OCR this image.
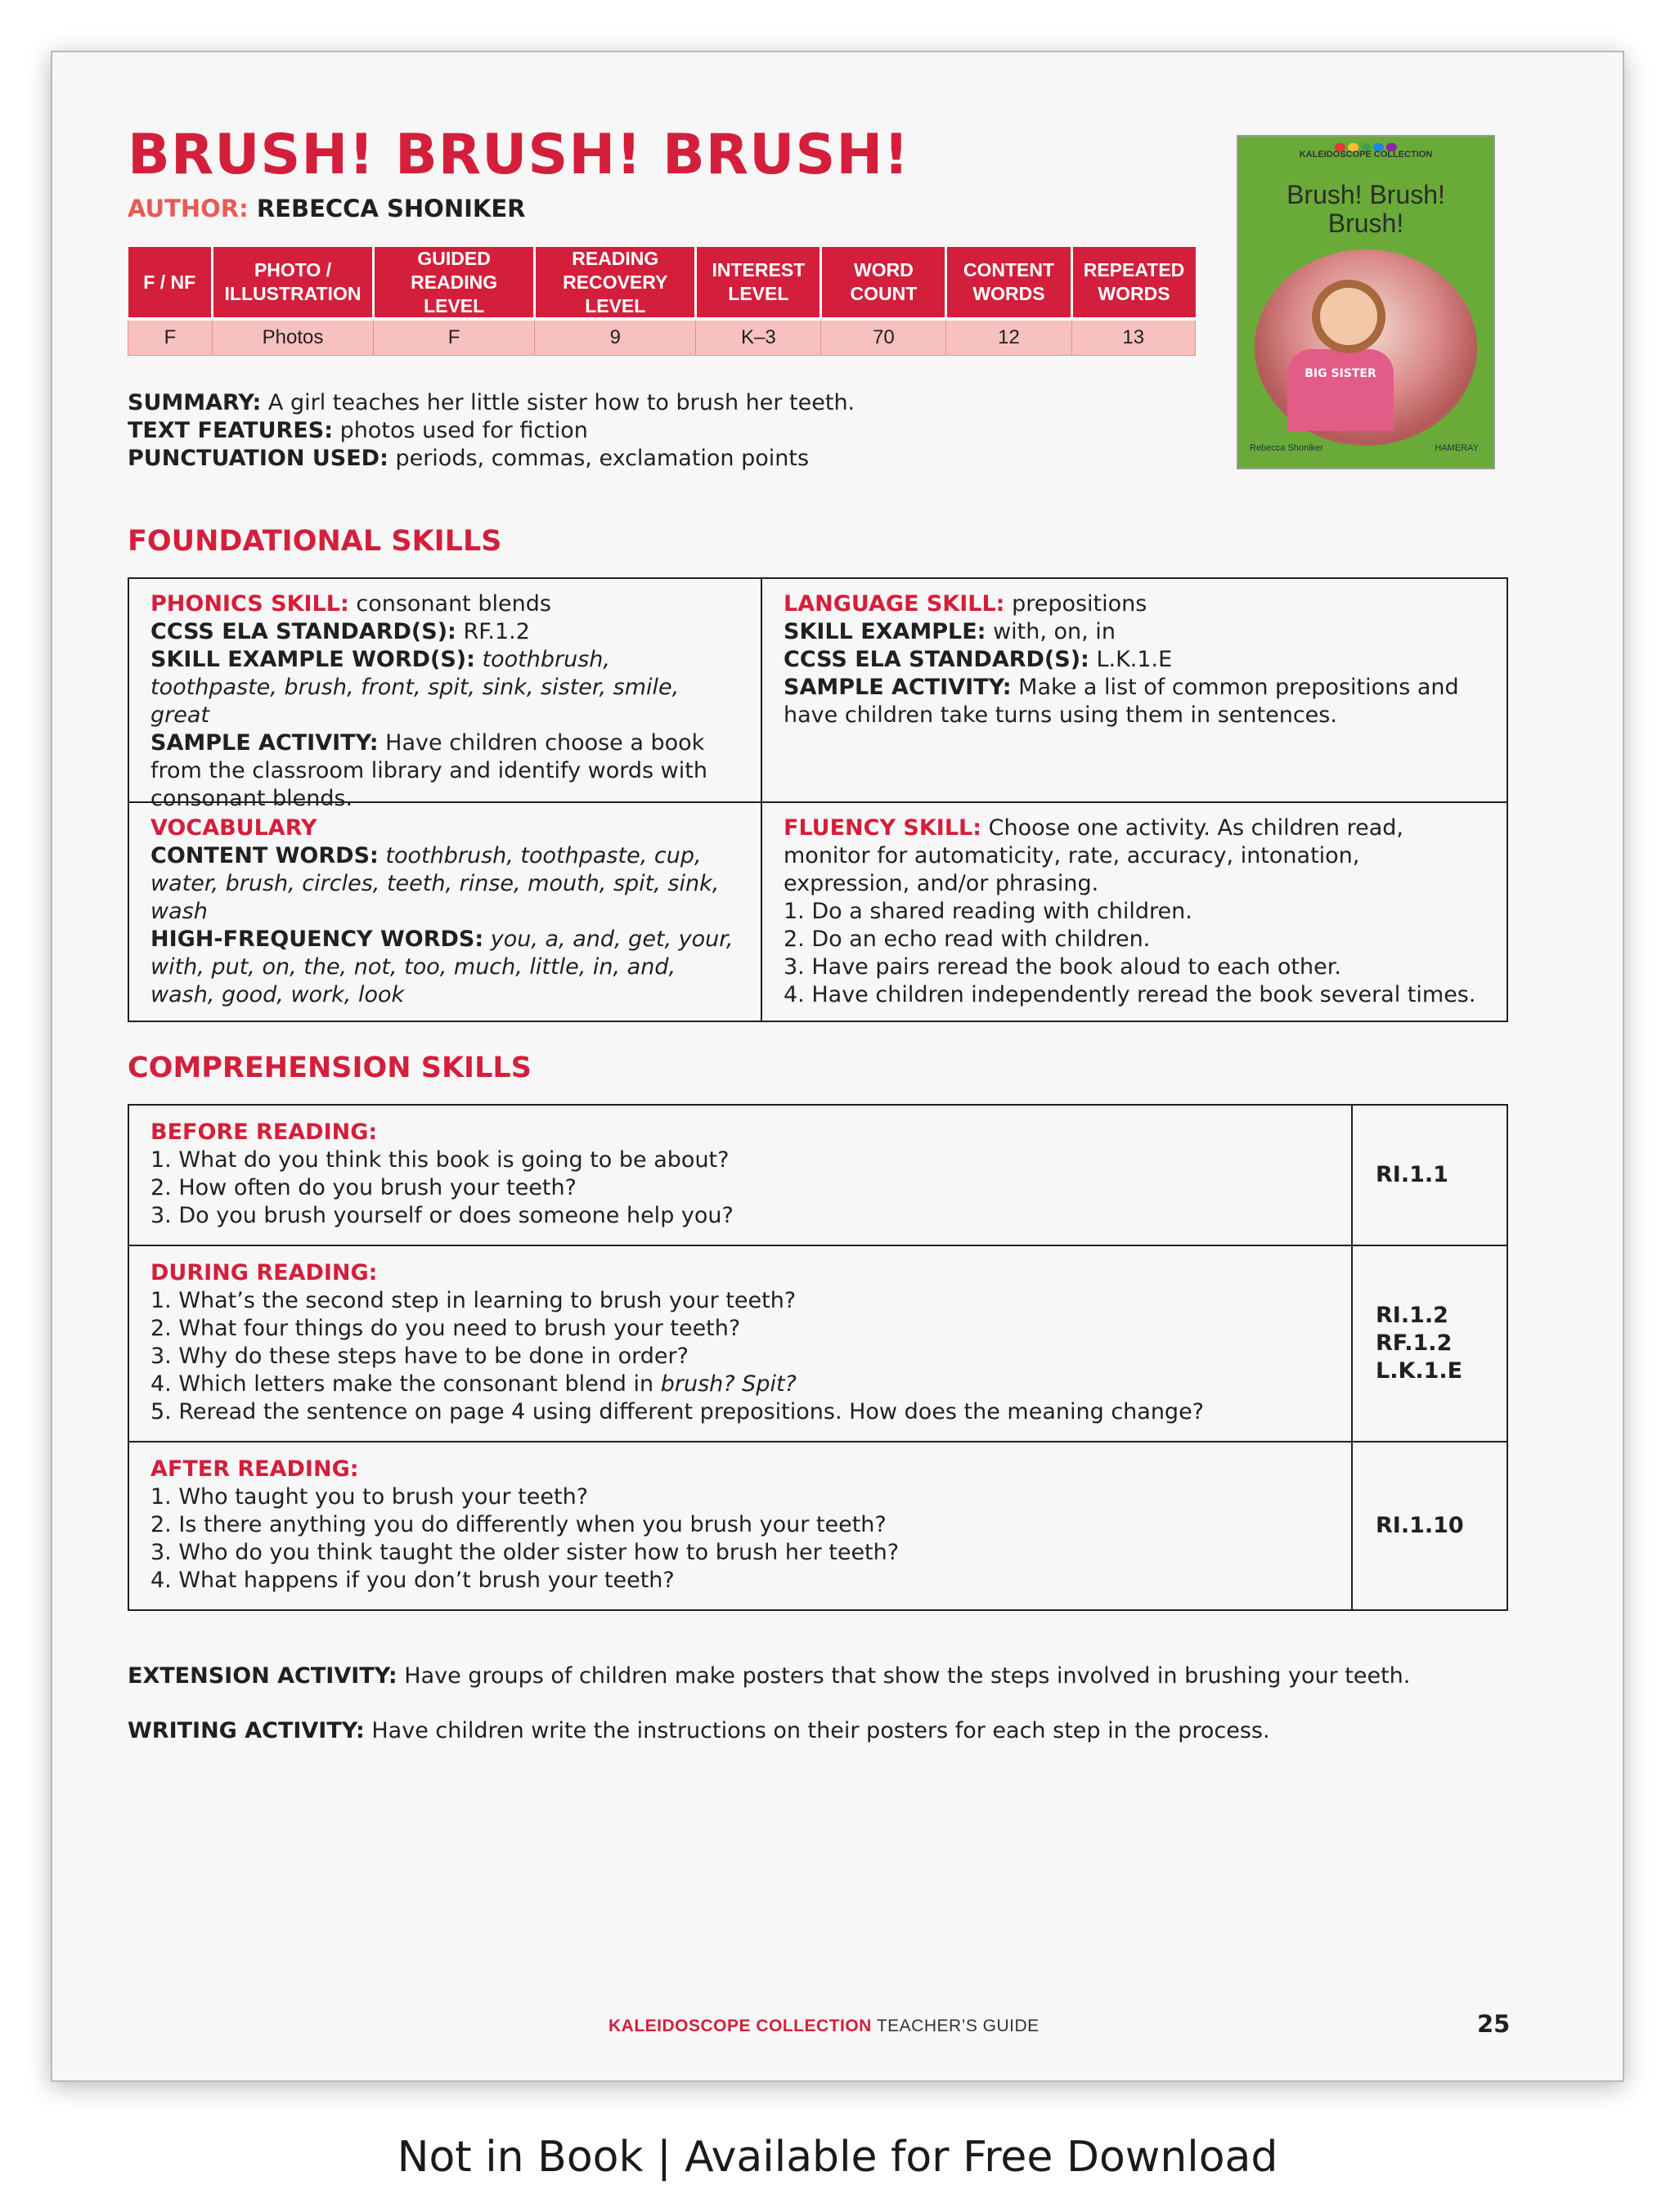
BRUSH! BRUSH! BRUSH!
AUTHOR: REBECCA SHONIKER
F / NF	PHOTO / ILLUSTRATION	GUIDED READING LEVEL	READING RECOVERY LEVEL	INTEREST LEVEL	WORD COUNT	CONTENT WORDS	REPEATED WORDS
F	Photos	F	9	K–3	70	12	13
KALEIDOSCOPE COLLECTION
Brush! Brush!
Brush!
BIG SISTER
Rebecca Shoniker	HAMERAY
SUMMARY: A girl teaches her little sister how to brush her teeth.
TEXT FEATURES: photos used for fiction
PUNCTUATION USED: periods, commas, exclamation points
FOUNDATIONAL SKILLS
PHONICS SKILL: consonant blends
CCSS ELA STANDARD(S): RF.1.2
SKILL EXAMPLE WORD(S): toothbrush, toothpaste, brush, front, spit, sink, sister, smile, great
SAMPLE ACTIVITY: Have children choose a book from the classroom library and identify words with consonant blends.
LANGUAGE SKILL: prepositions
SKILL EXAMPLE: with, on, in
CCSS ELA STANDARD(S): L.K.1.E
SAMPLE ACTIVITY: Make a list of common prepositions and have children take turns using them in sentences.
VOCABULARY
CONTENT WORDS: toothbrush, toothpaste, cup, water, brush, circles, teeth, rinse, mouth, spit, sink, wash
HIGH-FREQUENCY WORDS: you, a, and, get, your, with, put, on, the, not, too, much, little, in, and, wash, good, work, look
FLUENCY SKILL: Choose one activity. As children read, monitor for automaticity, rate, accuracy, intonation, expression, and/or phrasing.
1. Do a shared reading with children.
2. Do an echo read with children.
3. Have pairs reread the book aloud to each other.
4. Have children independently reread the book several times.
COMPREHENSION SKILLS
BEFORE READING:
1. What do you think this book is going to be about?
2. How often do you brush your teeth?
3. Do you brush yourself or does someone help you?
RI.1.1
DURING READING:
1. What’s the second step in learning to brush your teeth?
2. What four things do you need to brush your teeth?
3. Why do these steps have to be done in order?
4. Which letters make the consonant blend in brush? Spit?
5. Reread the sentence on page 4 using different prepositions. How does the meaning change?
RI.1.2
RF.1.2
L.K.1.E
AFTER READING:
1. Who taught you to brush your teeth?
2. Is there anything you do differently when you brush your teeth?
3. Who do you think taught the older sister how to brush her teeth?
4. What happens if you don’t brush your teeth?
RI.1.10
EXTENSION ACTIVITY: Have groups of children make posters that show the steps involved in brushing your teeth.
WRITING ACTIVITY: Have children write the instructions on their posters for each step in the process.
KALEIDOSCOPE COLLECTION TEACHER’S GUIDE	25
Not in Book | Available for Free Download
